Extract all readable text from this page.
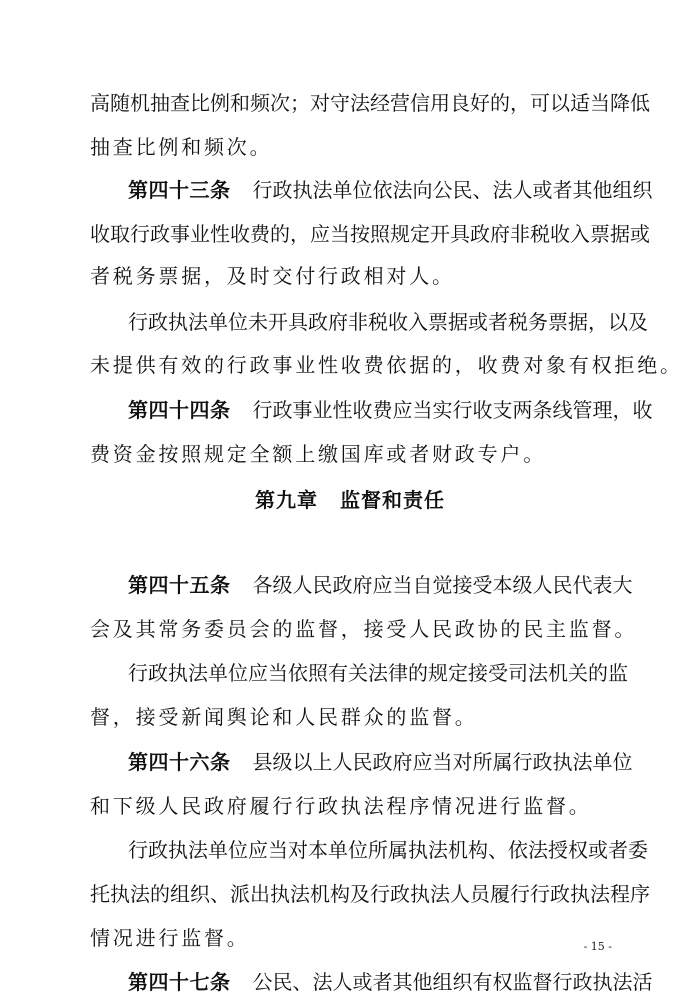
高随机抽查比例和频次；对守法经营信用良好的，可以适当降低
抽查比例和频次。
第四十三条 行政执法单位依法向公民、法人或者其他组织
收取行政事业性收费的，应当按照规定开具政府非税收入票据或
者税务票据，及时交付行政相对人。
行政执法单位未开具政府非税收入票据或者税务票据，以及
未提供有效的行政事业性收费依据的，收费对象有权拒绝。
第四十四条 行政事业性收费应当实行收支两条线管理，收
费资金按照规定全额上缴国库或者财政专户。
第九章 监督和责任
第四十五条 各级人民政府应当自觉接受本级人民代表大
会及其常务委员会的监督，接受人民政协的民主监督。
行政执法单位应当依照有关法律的规定接受司法机关的监
督，接受新闻舆论和人民群众的监督。
第四十六条 县级以上人民政府应当对所属行政执法单位
和下级人民政府履行行政执法程序情况进行监督。
行政执法单位应当对本单位所属执法机构、依法授权或者委
托执法的组织、派出执法机构及行政执法人员履行行政执法程序
情况进行监督。
第四十七条 公民、法人或者其他组织有权监督行政执法活
- 15 -
